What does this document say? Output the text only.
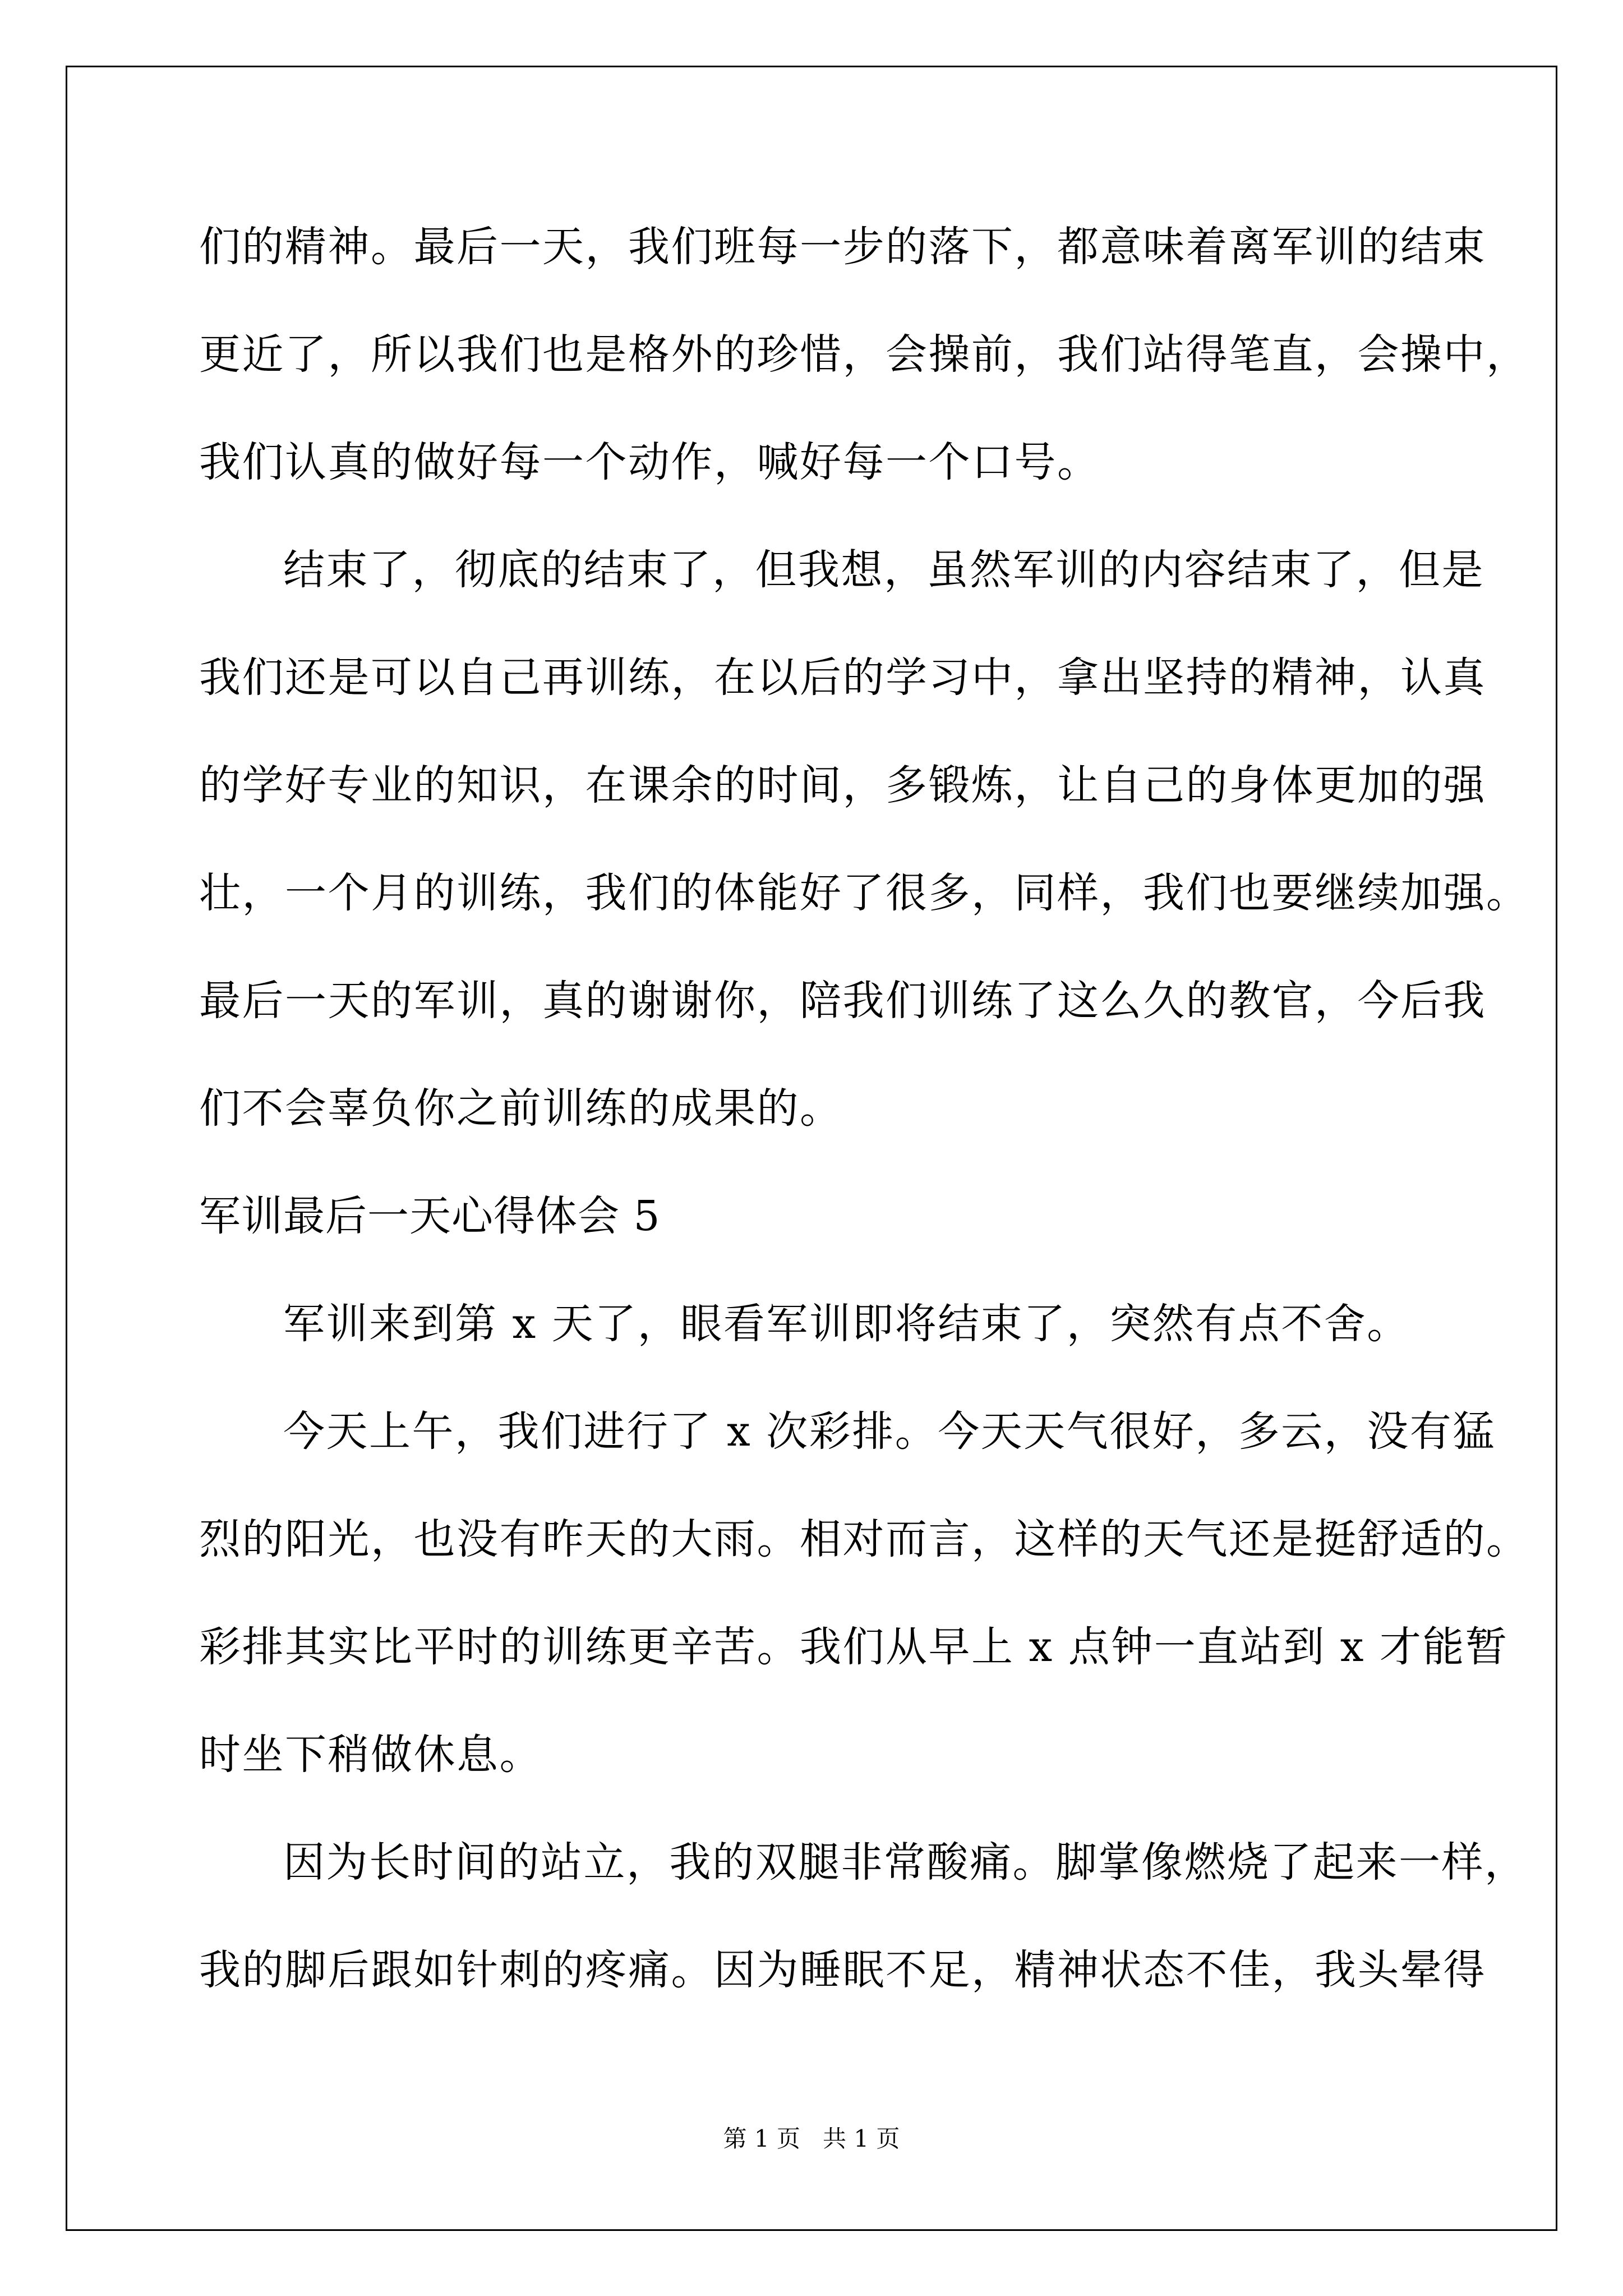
们的精神。最后一天，我们班每一步的落下，都意味着离军训的结束
更近了，所以我们也是格外的珍惜，会操前，我们站得笔直，会操中，
我们认真的做好每一个动作，喊好每一个口号。
结束了，彻底的结束了，但我想，虽然军训的内容结束了，但是
我们还是可以自己再训练，在以后的学习中，拿出坚持的精神，认真
的学好专业的知识，在课余的时间，多锻炼，让自己的身体更加的强
壮，一个月的训练，我们的体能好了很多，同样，我们也要继续加强。
最后一天的军训，真的谢谢你，陪我们训练了这么久的教官，今后我
们不会辜负你之前训练的成果的。
军训最后一天心得体会 5
军训来到第 x 天了，眼看军训即将结束了，突然有点不舍。
今天上午，我们进行了 x 次彩排。今天天气很好，多云，没有猛
烈的阳光，也没有昨天的大雨。相对而言，这样的天气还是挺舒适的。
彩排其实比平时的训练更辛苦。我们从早上 x 点钟一直站到 x 才能暂
时坐下稍做休息。
因为长时间的站立，我的双腿非常酸痛。脚掌像燃烧了起来一样，
我的脚后跟如针刺的疼痛。因为睡眠不足，精神状态不佳，我头晕得
第 1 页 共 1 页
